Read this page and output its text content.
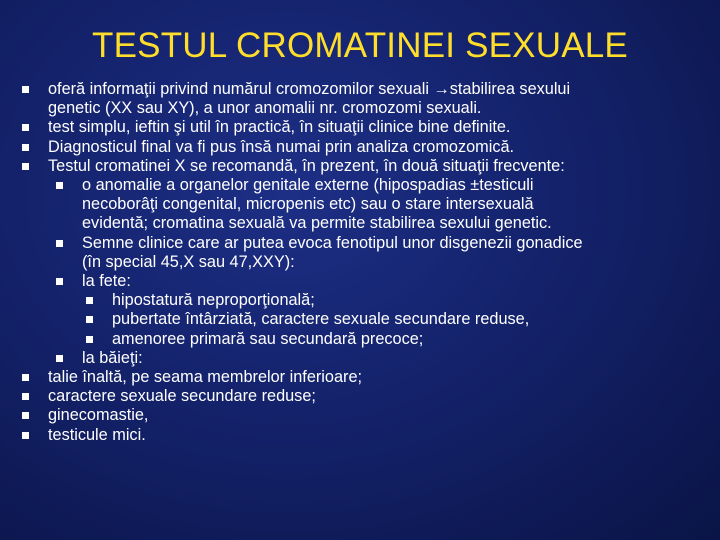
TESTUL CROMATINEI SEXUALE
oferă informaţii privind numărul cromozomilor sexuali →stabilirea sexului
genetic (XX sau XY), a unor anomalii nr. cromozomi sexuali.
test simplu, ieftin şi util în practică, în situaţii clinice bine definite.
Diagnosticul final va fi pus însă numai prin analiza cromozomică.
Testul cromatinei X se recomandă, în prezent, în două situaţii frecvente:
o anomalie a organelor genitale externe (hipospadias ±testiculi
necoborâţi congenital, micropenis etc) sau o stare intersexuală
evidentă; cromatina sexuală va permite stabilirea sexului genetic.
Semne clinice care ar putea evoca fenotipul unor disgenezii gonadice
(în special 45,X sau 47,XXY):
la fete:
hipostatură neproporţională;
pubertate întârziată, caractere sexuale secundare reduse,
amenoree primară sau secundară precoce;
la băieţi:
talie înaltă, pe seama membrelor inferioare;
caractere sexuale secundare reduse;
ginecomastie,
testicule mici.
